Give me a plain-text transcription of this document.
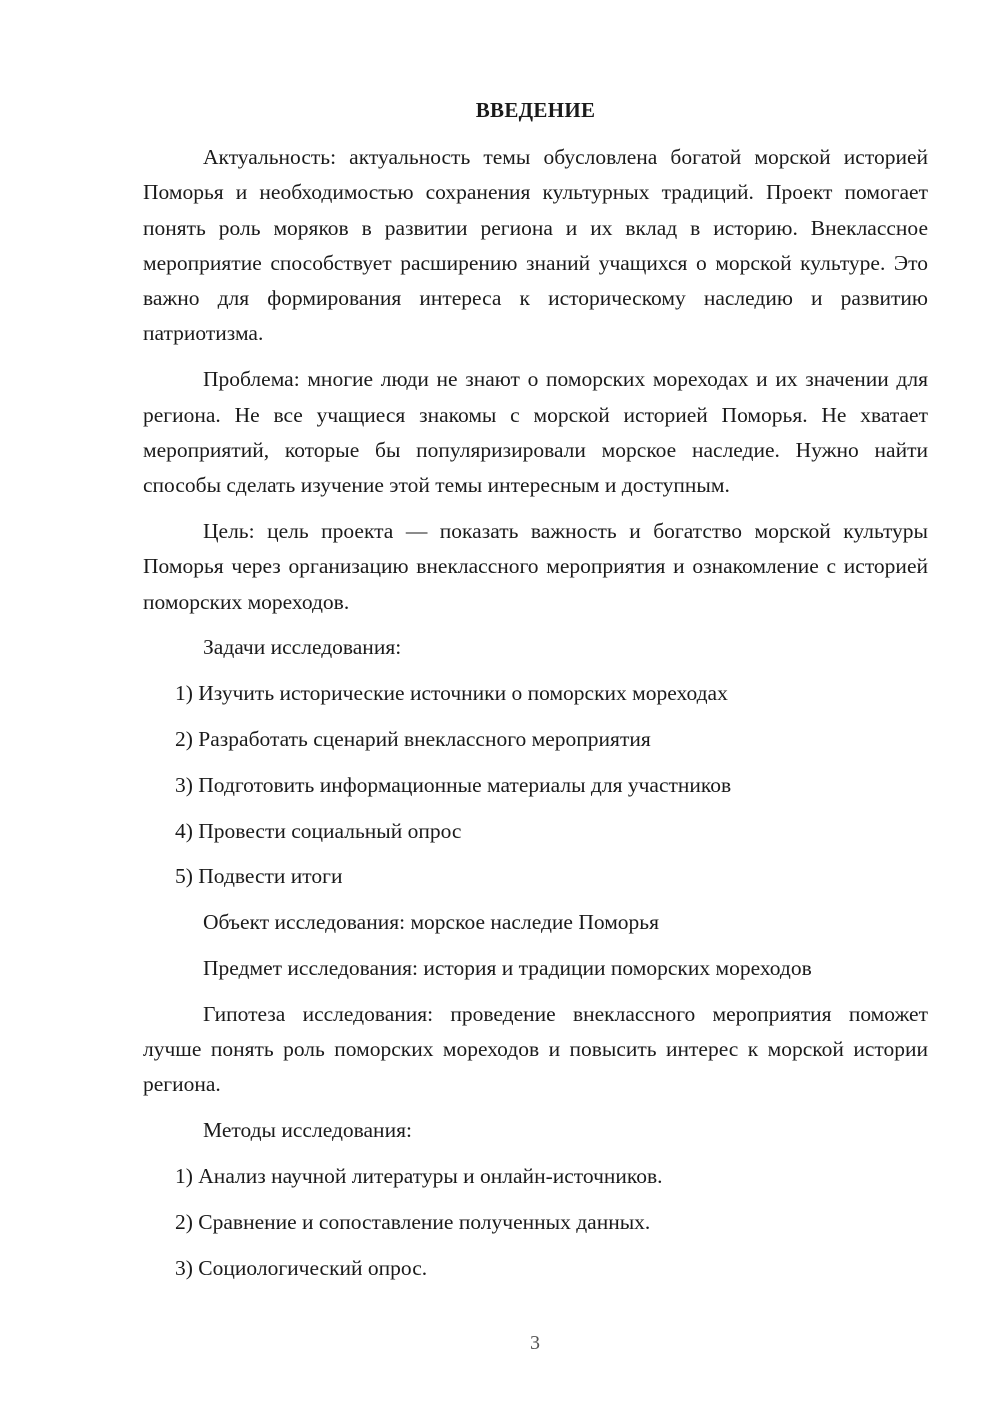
ВВЕДЕНИЕ

Актуальность: актуальность темы обусловлена богатой морской историей Поморья и необходимостью сохранения культурных традиций. Проект помогает понять роль моряков в развитии региона и их вклад в историю. Внеклассное мероприятие способствует расширению знаний учащихся о морской культуре. Это важно для формирования интереса к историческому наследию и развитию патриотизма.

Проблема: многие люди не знают о поморских мореходах и их значении для региона. Не все учащиеся знакомы с морской историей Поморья. Не хватает мероприятий, которые бы популяризировали морское наследие. Нужно найти способы сделать изучение этой темы интересным и доступным.

Цель: цель проекта — показать важность и богатство морской культуры Поморья через организацию внеклассного мероприятия и ознакомление с историей поморских мореходов.

Задачи исследования:
1) Изучить исторические источники о поморских мореходах
2) Разработать сценарий внеклассного мероприятия
3) Подготовить информационные материалы для участников
4) Провести социальный опрос
5) Подвести итоги
Объект исследования: морское наследие Поморья
Предмет исследования: история и традиции поморских мореходов

Гипотеза исследования: проведение внеклассного мероприятия поможет лучше понять роль поморских мореходов и повысить интерес к морской истории региона.

Методы исследования:
1) Анализ научной литературы и онлайн-источников.
2) Сравнение и сопоставление полученных данных.
3) Социологический опрос.
3
